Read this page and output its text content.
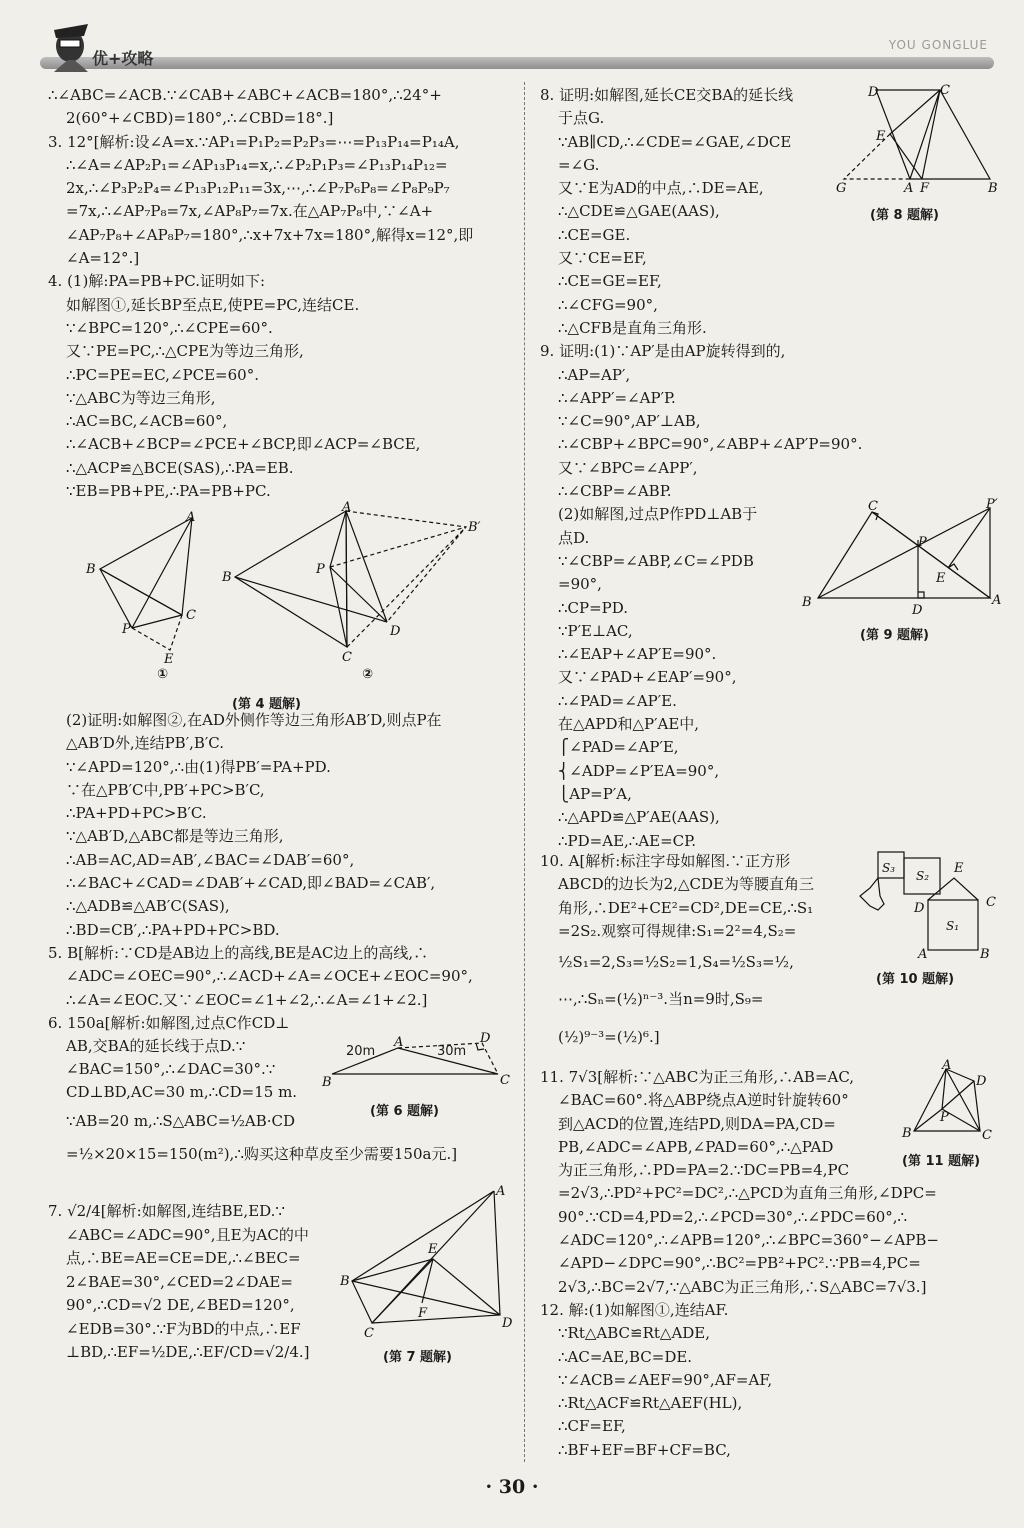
优+攻略
YOU GONGLUE
∴∠ABC=∠ACB.∵∠CAB+∠ABC+∠ACB=180°,∴24°+
2(60°+∠CBD)=180°,∴∠CBD=18°.]
3. 12°[解析:设∠A=x.∵AP₁=P₁P₂=P₂P₃=⋯=P₁₃P₁₄=P₁₄A,
∴∠A=∠AP₂P₁=∠AP₁₃P₁₄=x,∴∠P₂P₁P₃=∠P₁₃P₁₄P₁₂=
2x,∴∠P₃P₂P₄=∠P₁₃P₁₂P₁₁=3x,⋯,∴∠P₇P₆P₈=∠P₈P₉P₇
=7x,∴∠AP₇P₈=7x,∠AP₈P₇=7x.在△AP₇P₈中,∵∠A+
∠AP₇P₈+∠AP₈P₇=180°,∴x+7x+7x=180°,解得x=12°,即
∠A=12°.]
4. (1)解:PA=PB+PC.证明如下:
如解图①,延长BP至点E,使PE=PC,连结CE.
∵∠BPC=120°,∴∠CPE=60°.
又∵PE=PC,∴△CPE为等边三角形,
∴PC=PE=EC,∠PCE=60°.
∵△ABC为等边三角形,
∴AC=BC,∠ACB=60°,
∴∠ACB+∠BCP=∠PCE+∠BCP,即∠ACP=∠BCE,
∴△ACP≌△BCE(SAS),∴PA=EB.
∵EB=PB+PE,∴PA=PB+PC.
A
B
C
P
E
A
B
C
D
P
B′
①	②
(第 4 题解)
(2)证明:如解图②,在AD外侧作等边三角形AB′D,则点P在
△AB′D外,连结PB′,B′C.
∵∠APD=120°,∴由(1)得PB′=PA+PD.
∵在△PB′C中,PB′+PC>B′C,
∴PA+PD+PC>B′C.
∵△AB′D,△ABC都是等边三角形,
∴AB=AC,AD=AB′,∠BAC=∠DAB′=60°,
∴∠BAC+∠CAD=∠DAB′+∠CAD,即∠BAD=∠CAB′,
∴△ADB≌△AB′C(SAS),
∴BD=CB′,∴PA+PD+PC>BD.
5. B[解析:∵CD是AB边上的高线,BE是AC边上的高线,∴
∠ADC=∠OEC=90°,∴∠ACD+∠A=∠OCE+∠EOC=90°,
∴∠A=∠EOC.又∵∠EOC=∠1+∠2,∴∠A=∠1+∠2.]
6. 150a[解析:如解图,过点C作CD⊥
AB,交BA的延长线于点D.∵
∠BAC=150°,∴∠DAC=30°.∵
CD⊥BD,AC=30 m,∴CD=15 m.
∵AB=20 m,∴S△ABC=½AB·CD
=½×20×15=150(m²),∴购买这种草皮至少需要150a元.]
B
A
C
D
20m	30m
(第 6 题解)
7. √2/4[解析:如解图,连结BE,ED.∵
∠ABC=∠ADC=90°,且E为AC的中
点,∴BE=AE=CE=DE,∴∠BEC=
2∠BAE=30°,∠CED=2∠DAE=
90°,∴CD=√2 DE,∠BED=120°,
∠EDB=30°.∵F为BD的中点,∴EF
⊥BD,∴EF=½DE,∴EF/CD=√2/4.]
A
B
C
D
E
F
(第 7 题解)
8. 证明:如解图,延长CE交BA的延长线
于点G.
∵AB∥CD,∴∠CDE=∠GAE,∠DCE
=∠G.
又∵E为AD的中点,∴DE=AE,
∴△CDE≌△GAE(AAS),
∴CE=GE.
又∵CE=EF,
∴CE=GE=EF,
∴∠CFG=90°,
∴△CFB是直角三角形.
9. 证明:(1)∵AP′是由AP旋转得到的,
∴AP=AP′,
∴∠APP′=∠AP′P.
∵∠C=90°,AP′⊥AB,
∴∠CBP+∠BPC=90°,∠ABP+∠AP′P=90°.
又∵∠BPC=∠APP′,
∴∠CBP=∠ABP.
(2)如解图,过点P作PD⊥AB于
点D.
∵∠CBP=∠ABP,∠C=∠PDB
=90°,
∴CP=PD.
∵P′E⊥AC,
∴∠EAP+∠AP′E=90°.
又∵∠PAD+∠EAP′=90°,
∴∠PAD=∠AP′E.
在△APD和△P′AE中,
⎧∠PAD=∠AP′E,
⎨∠ADP=∠P′EA=90°,
⎩AP=P′A,
∴△APD≌△P′AE(AAS),
∴PD=AE,∴AE=CP.
D	C
E
G	A F	B
(第 8 题解)
B
C
A
P′
P
E
D
(第 9 题解)
10. A[解析:标注字母如解图.∵正方形
ABCD的边长为2,△CDE为等腰直角三
角形,∴DE²+CE²=CD²,DE=CE,∴S₁
=2S₂.观察可得规律:S₁=2²=4,S₂=
½S₁=2,S₃=½S₂=1,S₄=½S₃=½,
⋯,∴Sₙ=(½)ⁿ⁻³.当n=9时,S₉=
(½)⁹⁻³=(½)⁶.]
S₃
S₂
S₁
E
C
D
A	B
(第 10 题解)
A
B	C
D
P
(第 11 题解)
11. 7√3[解析:∵△ABC为正三角形,∴AB=AC,
∠BAC=60°.将△ABP绕点A逆时针旋转60°
到△ACD的位置,连结PD,则DA=PA,CD=
PB,∠ADC=∠APB,∠PAD=60°,∴△PAD
为正三角形,∴PD=PA=2.∵DC=PB=4,PC
=2√3,∴PD²+PC²=DC²,∴△PCD为直角三角形,∠DPC=
90°.∵CD=4,PD=2,∴∠PCD=30°,∴∠PDC=60°,∴
∠ADC=120°,∴∠APB=120°,∴∠BPC=360°−∠APB−
∠APD−∠DPC=90°,∴BC²=PB²+PC².∵PB=4,PC=
2√3,∴BC=2√7,∵△ABC为正三角形,∴S△ABC=7√3.]
12. 解:(1)如解图①,连结AF.
∵Rt△ABC≌Rt△ADE,
∴AC=AE,BC=DE.
∵∠ACB=∠AEF=90°,AF=AF,
∴Rt△ACF≌Rt△AEF(HL),
∴CF=EF,
∴BF+EF=BF+CF=BC,
· 30 ·
